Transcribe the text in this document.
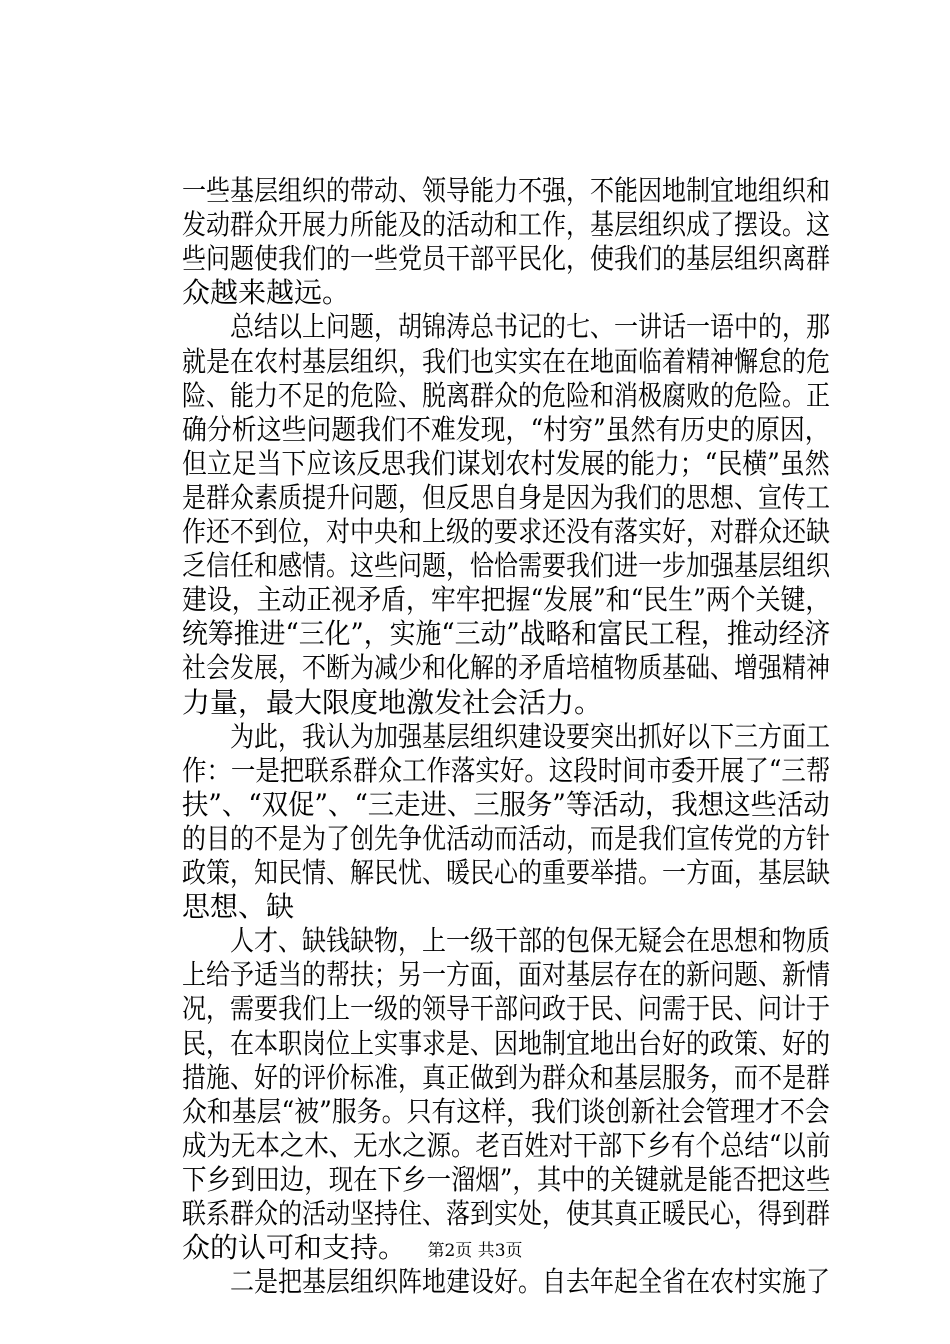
一些基层组织的带动、领导能力不强，不能因地制宜地组织和
发动群众开展力所能及的活动和工作，基层组织成了摆设。这
些问题使我们的一些党员干部平民化，使我们的基层组织离群
众越来越远。
　　总结以上问题，胡锦涛总书记的七、一讲话一语中的，那
就是在农村基层组织，我们也实实在在地面临着精神懈怠的危
险、能力不足的危险、脱离群众的危险和消极腐败的危险。正
确分析这些问题我们不难发现，“村穷”虽然有历史的原因，
但立足当下应该反思我们谋划农村发展的能力；“民横”虽然
是群众素质提升问题，但反思自身是因为我们的思想、宣传工
作还不到位，对中央和上级的要求还没有落实好，对群众还缺
乏信任和感情。这些问题，恰恰需要我们进一步加强基层组织
建设，主动正视矛盾，牢牢把握“发展”和“民生”两个关键，
统筹推进“三化”，实施“三动”战略和富民工程，推动经济
社会发展，不断为减少和化解的矛盾培植物质基础、增强精神
力量，最大限度地激发社会活力。
　　为此，我认为加强基层组织建设要突出抓好以下三方面工
作：一是把联系群众工作落实好。这段时间市委开展了“三帮
扶”、“双促”、“三走进、三服务”等活动，我想这些活动
的目的不是为了创先争优活动而活动，而是我们宣传党的方针
政策，知民情、解民忧、暖民心的重要举措。一方面，基层缺
思想、缺
　　人才、缺钱缺物，上一级干部的包保无疑会在思想和物质
上给予适当的帮扶；另一方面，面对基层存在的新问题、新情
况，需要我们上一级的领导干部问政于民、问需于民、问计于
民，在本职岗位上实事求是、因地制宜地出台好的政策、好的
措施、好的评价标准，真正做到为群众和基层服务，而不是群
众和基层“被”服务。只有这样，我们谈创新社会管理才不会
成为无本之木、无水之源。老百姓对干部下乡有个总结“以前
下乡到田边，现在下乡一溜烟”，其中的关键就是能否把这些
联系群众的活动坚持住、落到实处，使其真正暖民心，得到群
众的认可和支持。
　　二是把基层组织阵地建设好。自去年起全省在农村实施了
第2页 共3页
